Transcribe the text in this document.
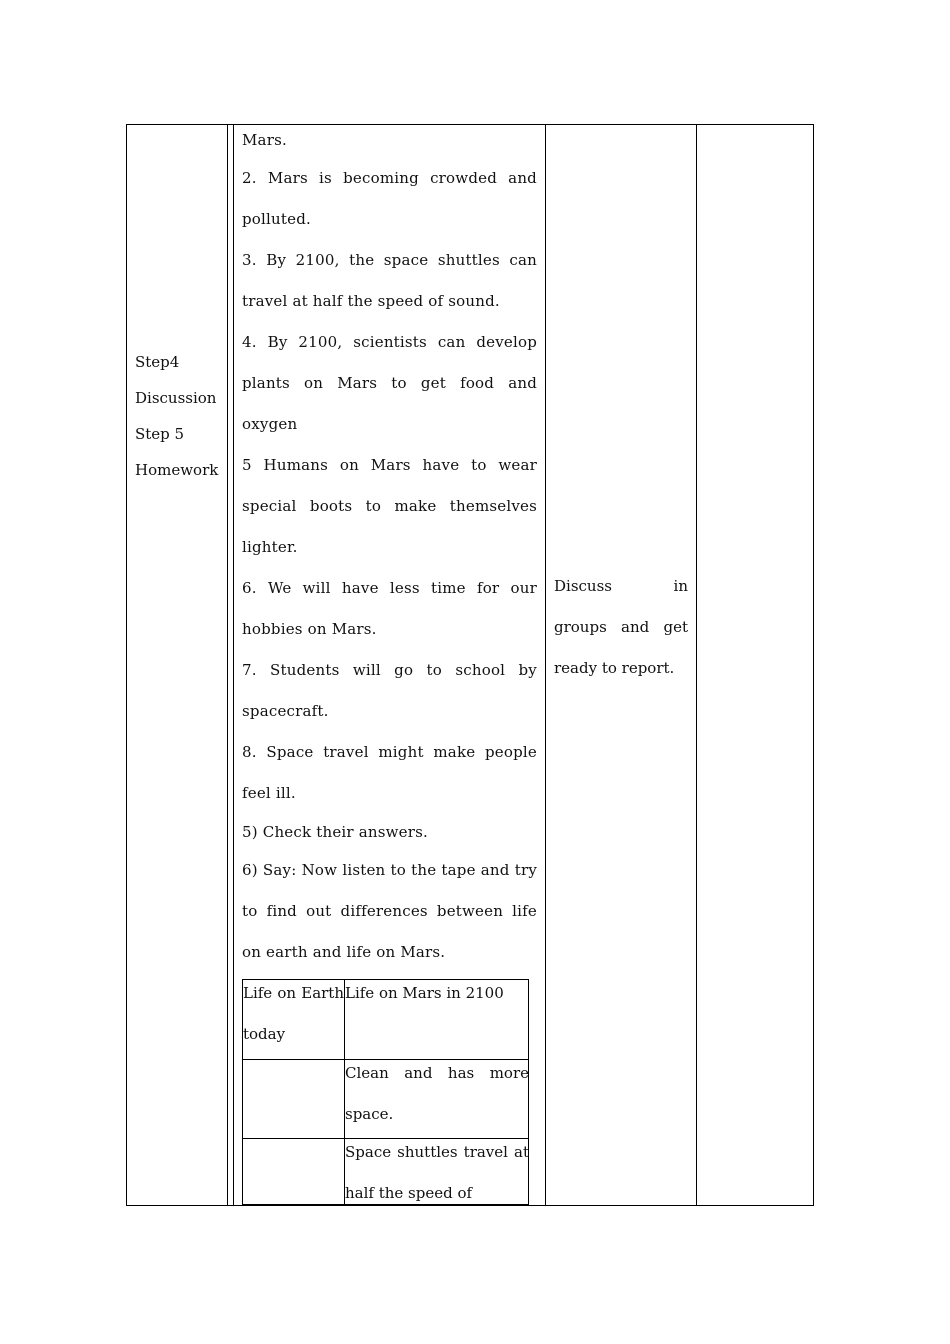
Step4
Discussion
Step 5
Homework

Mars.

2. Mars is becoming crowded and polluted.

3. By 2100, the space shuttles can travel at half the speed of sound.

4. By 2100, scientists can develop plants on Mars to get food and oxygen

5 Humans on Mars have to wear special boots to make themselves lighter.

6. We will have less time for our hobbies on Mars.

7. Students will go to school by spacecraft.

8. Space travel might make people feel ill.

5) Check their answers.

6) Say: Now listen to the tape and try to find out differences between life on earth and life on Mars.

Life on Earth today
Life on Mars in 2100
Clean and has more space.
Space shuttles travel at half the speed of
Discuss in groups and get ready to report.
